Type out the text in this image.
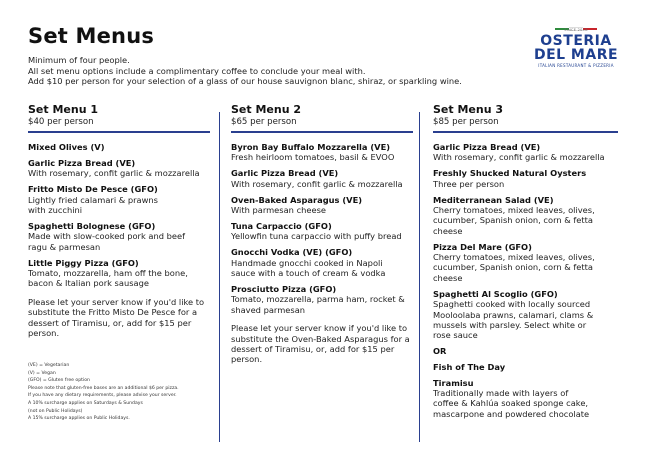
Set Menus
Minimum of four people.
All set menu options include a complimentary coffee to conclude your meal with.
Add $10 per person for your selection of a glass of our house sauvignon blanc, shiraz, or sparkling wine.
SINCE 2018
OSTERIA
DEL MARE
ITALIAN RESTAURANT & PIZZERIA
Set Menu 1
$40 per person
Mixed Olives (V)
Garlic Pizza Bread (VE)
With rosemary, confit garlic & mozzarella
Fritto Misto De Pesce (GFO)
Lightly fried calamari & prawns
with zucchini
Spaghetti Bolognese (GFO)
Made with slow-cooked pork and beef
ragu & parmesan
Little Piggy Pizza (GFO)
Tomato, mozzarella, ham off the bone,
bacon & Italian pork sausage
Please let your server know if you'd like to
substitute the Fritto Misto De Pesce for a
dessert of Tiramisu, or, add for $15 per person.
Set Menu 2
$65 per person
Byron Bay Buffalo Mozzarella (VE)
Fresh heirloom tomatoes, basil & EVOO
Garlic Pizza Bread (VE)
With rosemary, confit garlic & mozzarella
Oven-Baked Asparagus (VE)
With parmesan cheese
Tuna Carpaccio (GFO)
Yellowfin tuna carpaccio with puffy bread
Gnocchi Vodka (VE) (GFO)
Handmade gnocchi cooked in Napoli
sauce with a touch of cream & vodka
Prosciutto Pizza (GFO)
Tomato, mozzarella, parma ham, rocket &
shaved parmesan
Please let your server know if you'd like to
substitute the Oven-Baked Asparagus for a
dessert of Tiramisu, or, add for $15 per person.
Set Menu 3
$85 per person
Garlic Pizza Bread (VE)
With rosemary, confit garlic & mozzarella
Freshly Shucked Natural Oysters
Three per person
Mediterranean Salad (VE)
Cherry tomatoes, mixed leaves, olives,
cucumber, Spanish onion, corn & fetta
cheese
Pizza Del Mare (GFO)
Cherry tomatoes, mixed leaves, olives,
cucumber, Spanish onion, corn & fetta
cheese
Spaghetti Al Scoglio (GFO)
Spaghetti cooked with locally sourced
Mooloolaba prawns, calamari, clams &
mussels with parsley. Select white or
rose sauce
OR
Fish of The Day
Tiramisu
Traditionally made with layers of
coffee & Kahlúa soaked sponge cake,
mascarpone and powdered chocolate
(VE) = Vegetarian
(V) = Vegan
(GFO) = Gluten free option
Please note that gluten-free bases are an additional $6 per pizza.
If you have any dietary requirements, please advise your server.
A 10% surcharge applies on Saturdays & Sundays
(not on Public Holidays)
A 15% surcharge applies on Public Holidays.
